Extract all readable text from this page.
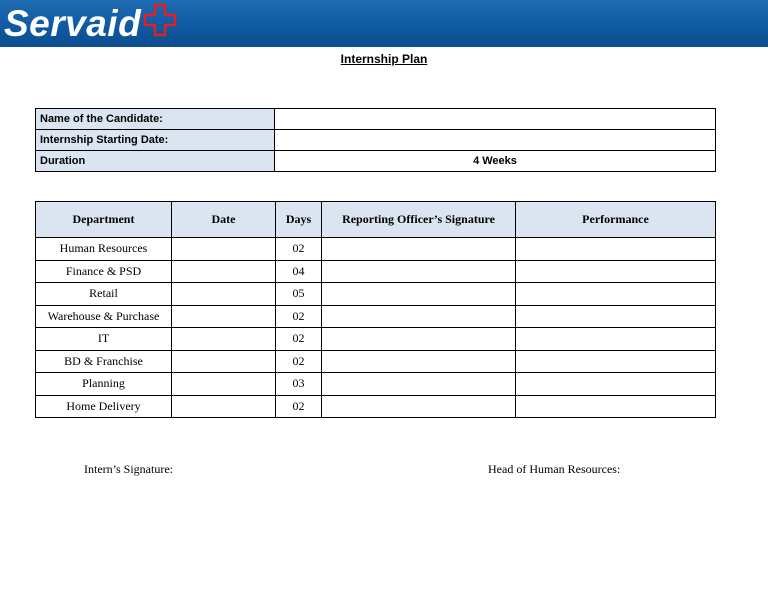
Servaid
Internship Plan
Name of the Candidate:	
Internship Starting Date:	
Duration	4 Weeks
Department	Date	Days	Reporting Officer’s Signature	Performance
Human Resources		02		
Finance & PSD		04		
Retail		05		
Warehouse & Purchase		02		
IT		02		
BD & Franchise		02		
Planning		03		
Home Delivery		02		
Intern’s Signature:	Head of Human Resources:
